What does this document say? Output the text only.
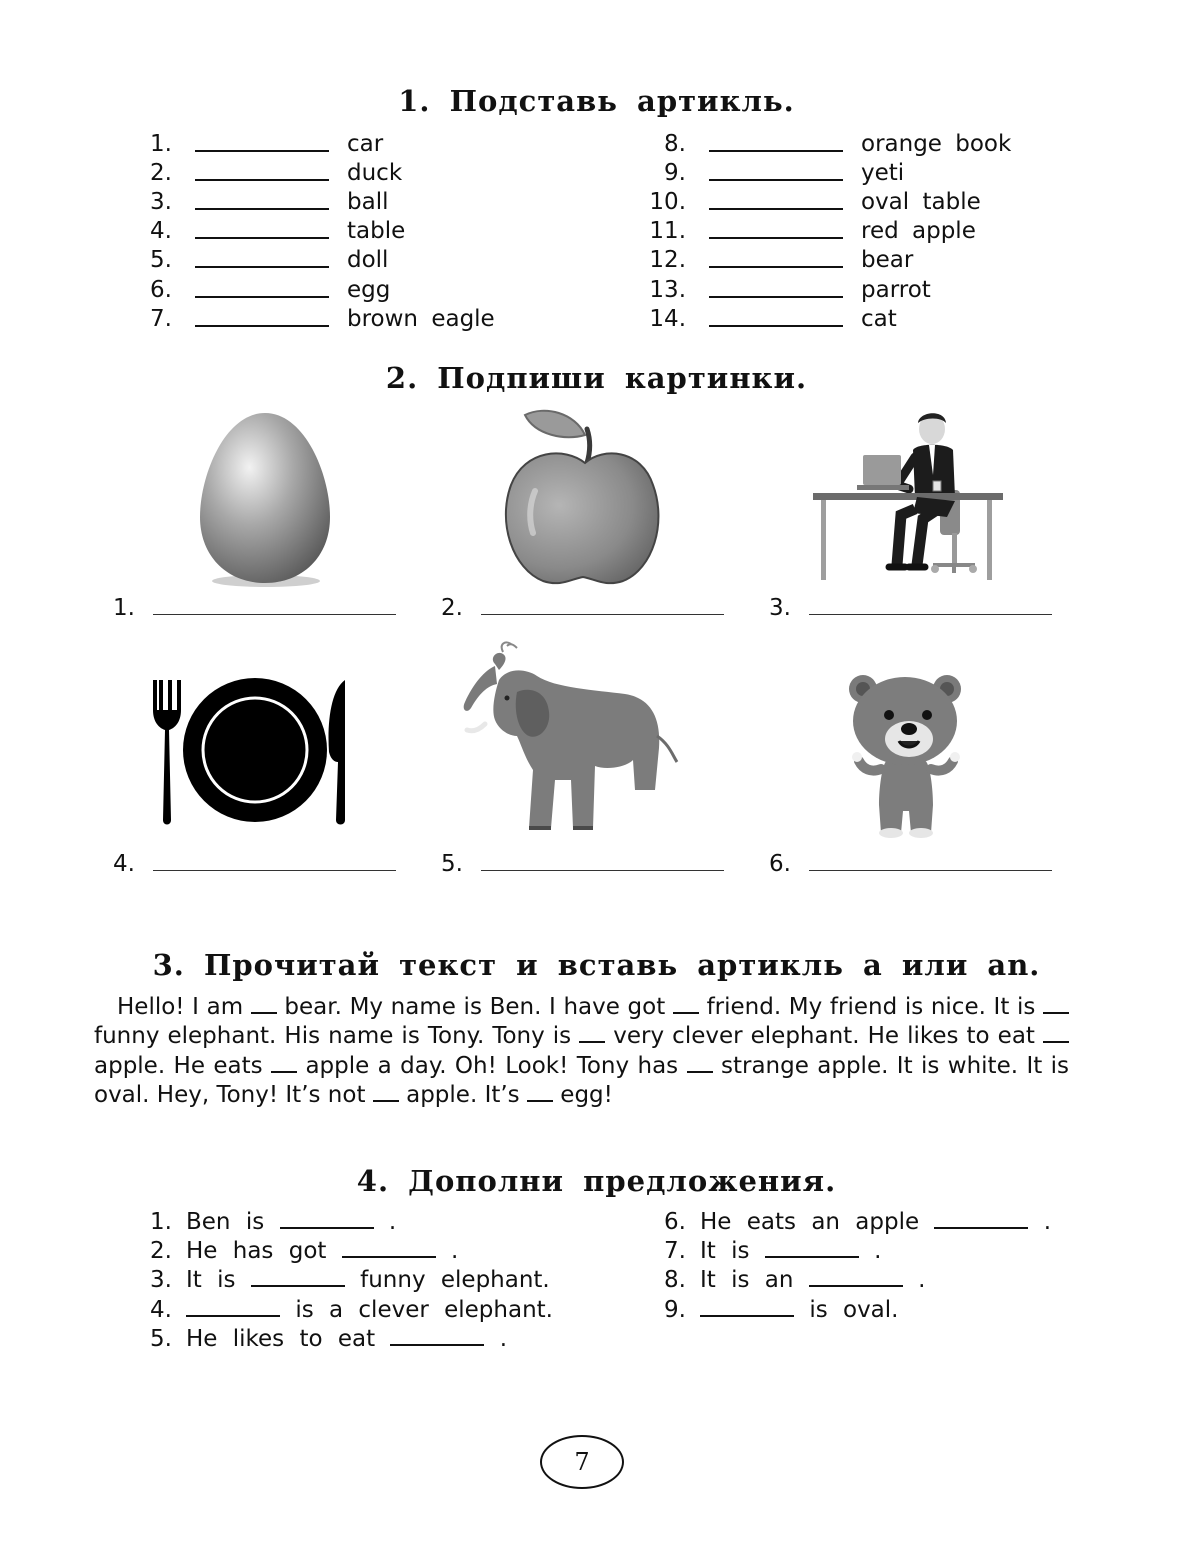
1. Подставь артикль.
1.	car
2.	duck
3.	ball
4.	table
5.	doll
6.	egg
7.	brown eagle
8.	orange book
9.	yeti
10.	oval table
11.	red apple
12.	bear
13.	parrot
14.	cat
2. Подпиши картинки.
1.	2.	3.
4.	5.	6.
3. Прочитай текст и вставь артикль a или an.
 Hello! I am bear. My name is Ben. I have got friend. My friend is nice. It is  funny elephant. His name is Tony. Tony is very clever elephant. He likes to eat  apple. He eats apple a day. Oh! Look! Tony has strange apple. It is white. It is oval. Hey, Tony! It’s not apple. It’s egg!
4. Дополни предложения.
1. Ben is	.
2. He has got	.
3. It is	funny elephant.
4.	is a clever elephant.
5. He likes to eat	.
6. He eats an apple	.
7. It is	.
8. It is an	.
9.	is oval.
7
